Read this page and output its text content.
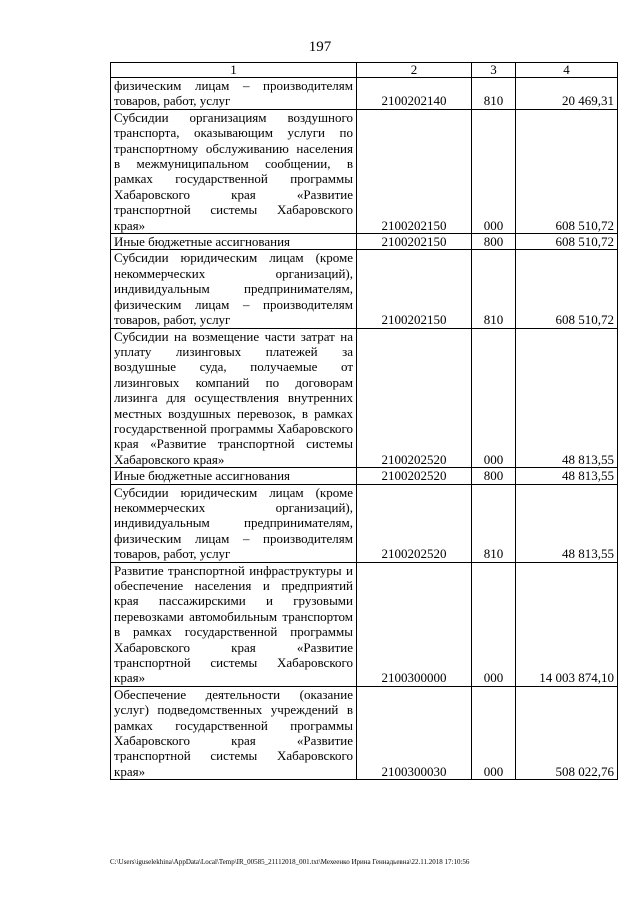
197
1	2	3	4
физическим лицам – производителям товаров, работ, услуг	2100202140	810	20 469,31
Субсидии организациям воздушного транспорта, оказывающим услуги по транспортному обслуживанию населения в межмуниципальном сообщении, в рамках государственной программы Хабаровского края «Развитие транспортной системы Хабаровского края»	2100202150	000	608 510,72
Иные бюджетные ассигнования	2100202150	800	608 510,72
Субсидии юридическим лицам (кроме некоммерческих организаций), индивидуальным предпринимателям, физическим лицам – производителям товаров, работ, услуг	2100202150	810	608 510,72
Субсидии на возмещение части затрат на уплату лизинговых платежей за воздушные суда, получаемые от лизинговых компаний по договорам лизинга для осуществления внутренних местных воздушных перевозок, в рамках государственной программы Хабаровского края «Развитие транспортной системы Хабаровского края»	2100202520	000	48 813,55
Иные бюджетные ассигнования	2100202520	800	48 813,55
Субсидии юридическим лицам (кроме некоммерческих организаций), индивидуальным предпринимателям, физическим лицам – производителям товаров, работ, услуг	2100202520	810	48 813,55
Развитие транспортной инфраструктуры и обеспечение населения и предприятий края пассажирскими и грузовыми перевозками автомобильным транспортом в рамках государственной программы Хабаровского края «Развитие транспортной системы Хабаровского края»	2100300000	000	14 003 874,10
Обеспечение деятельности (оказание услуг) подведомственных учреждений в рамках государственной программы Хабаровского края «Развитие транспортной системы Хабаровского края»	2100300030	000	508 022,76
C:\Users\iguselekhina\AppData\Local\Temp\IR_00585_21112018_001.txt\Мехеенко Ирина Геннадьевна\22.11.2018 17:10:56
